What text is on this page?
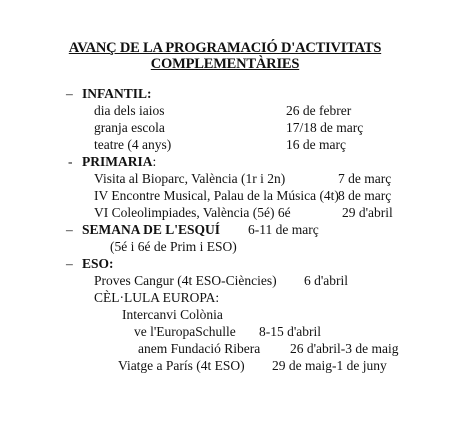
AVANÇ DE LA PROGRAMACIÓ D'ACTIVITATS
COMPLEMENTÀRIES
– INFANTIL:
dia dels iaios	26 de febrer
granja escola	17/18 de març
teatre (4 anys)	16 de març
- PRIMARIA:
Visita al Bioparc, València (1r i 2n)	7 de març
IV Encontre Musical, Palau de la Música (4t) 8 de març
VI Coleolimpiades, València (5é) 6é	29 d'abril
– SEMANA DE L'ESQUÍ 6-11 de març
(5é i 6é de Prim i ESO)
– ESO:
Proves Cangur (4t ESO-Ciències) 6 d'abril
CÈL·LULA EUROPA:
Intercanvi Colònia
ve l'EuropaSchulle 8-15 d'abril
anem Fundació Ribera 26 d'abril-3 de maig
Viatge a París (4t ESO) 29 de maig-1 de juny
